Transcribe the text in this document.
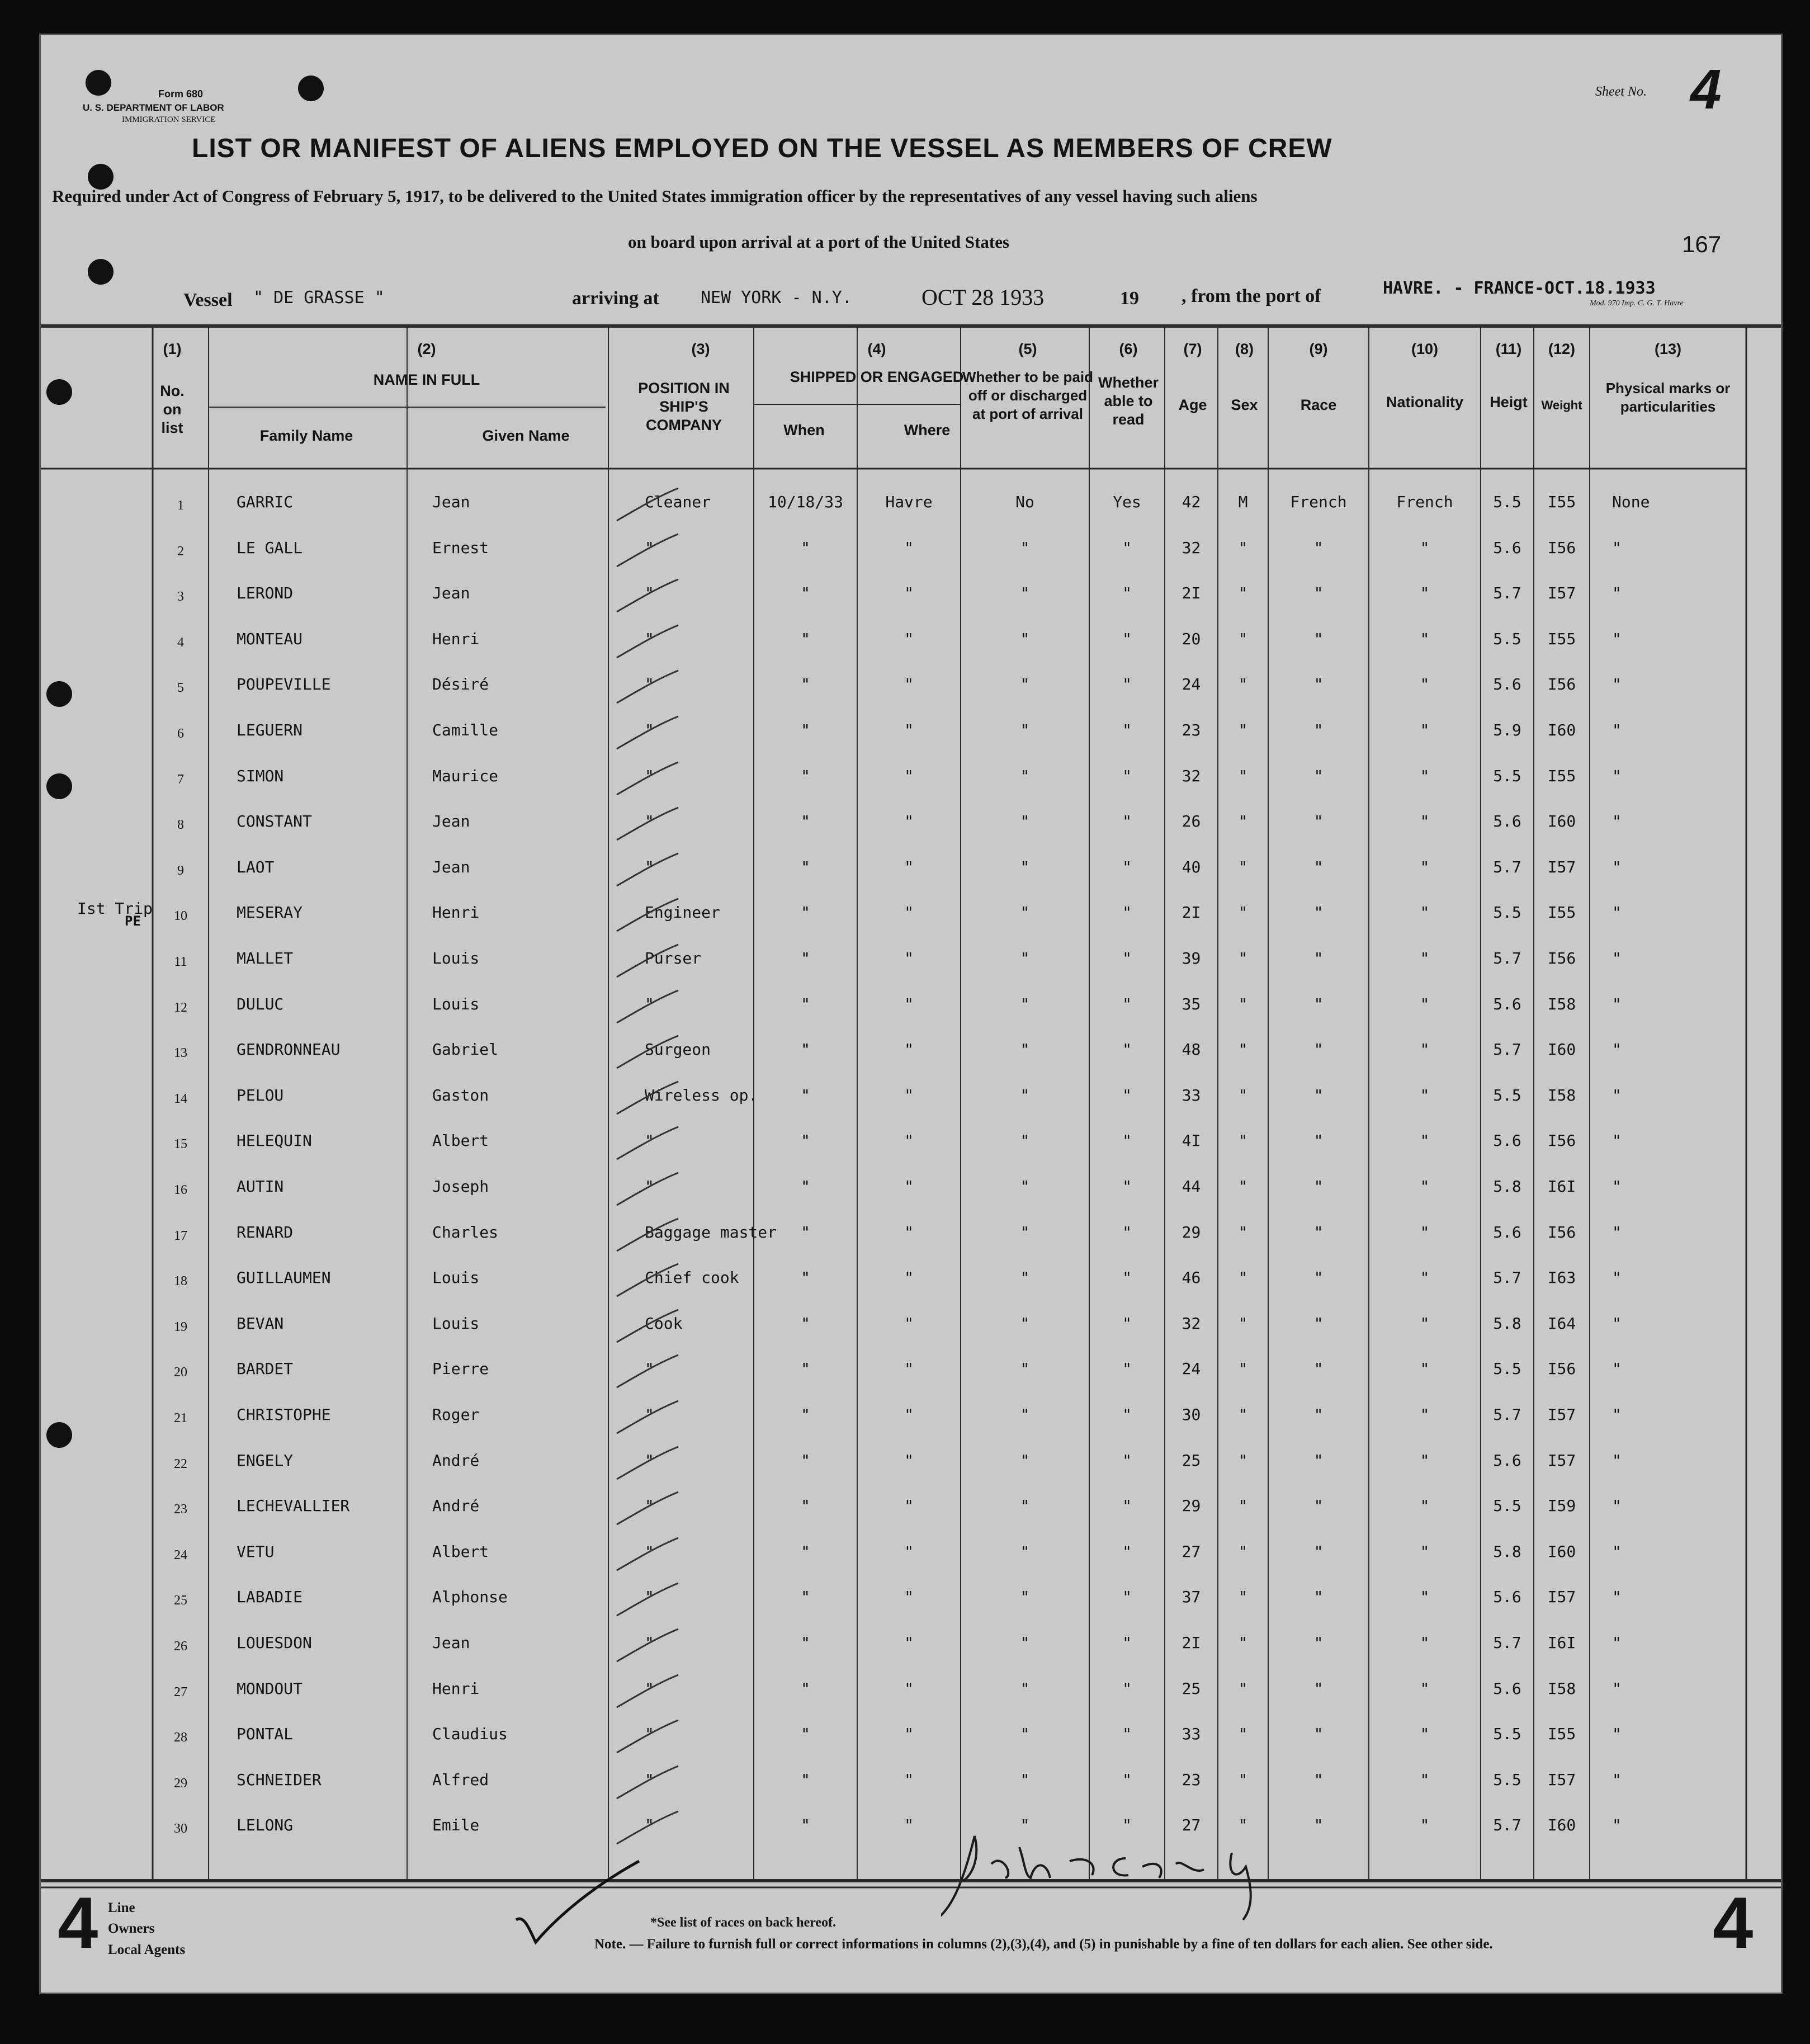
Form 680
U. S. DEPARTMENT OF LABOR
IMMIGRATION SERVICE
Sheet No. 4
LIST OR MANIFEST OF ALIENS EMPLOYED ON THE VESSEL AS MEMBERS OF CREW
Required under Act of Congress of February 5, 1917, to be delivered to the United States immigration officer by the representatives of any vessel having such aliens
on board upon arrival at a port of the United States	167
Vessel " DE GRASSE "	arriving at NEW YORK - N.Y.	OCT 28 1933	19 , from the port of	HAVRE. - FRANCE-OCT.18.1933
Mod. 970 Imp. C. G. T. Havre
(1)
No. on list
(2)
NAME IN FULL
Family Name	Given Name
(3)
POSITION IN SHIP'S COMPANY
(4)
SHIPPED OR ENGAGED
When	Where
(5)
Whether to be paid off or discharged at port of arrival
(6)
Whether able to read
(7)
Age
(8)
Sex
(9)
Race
(10)
Nationality
(11)
Heigt
(12)
Weight
(13)
Physical marks or particularities
Ist Trip
PE
1	GARRIC	Jean	Cleaner	10/18/33	Havre	No	Yes	42	M	French	French	5.5	I55	None
2	LE GALL	Ernest	"	"	"	"	"	32	"	"	"	5.6	I56	"
3	LEROND	Jean	"	"	"	"	"	2I	"	"	"	5.7	I57	"
4	MONTEAU	Henri	"	"	"	"	"	20	"	"	"	5.5	I55	"
5	POUPEVILLE	Désiré	"	"	"	"	"	24	"	"	"	5.6	I56	"
6	LEGUERN	Camille	"	"	"	"	"	23	"	"	"	5.9	I60	"
7	SIMON	Maurice	"	"	"	"	"	32	"	"	"	5.5	I55	"
8	CONSTANT	Jean	"	"	"	"	"	26	"	"	"	5.6	I60	"
9	LAOT	Jean	"	"	"	"	"	40	"	"	"	5.7	I57	"
10	MESERAY	Henri	Engineer	"	"	"	"	2I	"	"	"	5.5	I55	"
11	MALLET	Louis	Purser	"	"	"	"	39	"	"	"	5.7	I56	"
12	DULUC	Louis	"	"	"	"	"	35	"	"	"	5.6	I58	"
13	GENDRONNEAU	Gabriel	Surgeon	"	"	"	"	48	"	"	"	5.7	I60	"
14	PELOU	Gaston	Wireless op.	"	"	"	"	33	"	"	"	5.5	I58	"
15	HELEQUIN	Albert	"	"	"	"	"	4I	"	"	"	5.6	I56	"
16	AUTIN	Joseph	"	"	"	"	"	44	"	"	"	5.8	I6I	"
17	RENARD	Charles	Baggage master	"	"	"	"	29	"	"	"	5.6	I56	"
18	GUILLAUMEN	Louis	Chief cook	"	"	"	"	46	"	"	"	5.7	I63	"
19	BEVAN	Louis	Cook	"	"	"	"	32	"	"	"	5.8	I64	"
20	BARDET	Pierre	"	"	"	"	"	24	"	"	"	5.5	I56	"
21	CHRISTOPHE	Roger	"	"	"	"	"	30	"	"	"	5.7	I57	"
22	ENGELY	André	"	"	"	"	"	25	"	"	"	5.6	I57	"
23	LECHEVALLIER	André	"	"	"	"	"	29	"	"	"	5.5	I59	"
24	VETU	Albert	"	"	"	"	"	27	"	"	"	5.8	I60	"
25	LABADIE	Alphonse	"	"	"	"	"	37	"	"	"	5.6	I57	"
26	LOUESDON	Jean	"	"	"	"	"	2I	"	"	"	5.7	I6I	"
27	MONDOUT	Henri	"	"	"	"	"	25	"	"	"	5.6	I58	"
28	PONTAL	Claudius	"	"	"	"	"	33	"	"	"	5.5	I55	"
29	SCHNEIDER	Alfred	"	"	"	"	"	23	"	"	"	5.5	I57	"
30	LELONG	Emile	"	"	"	"	"	27	"	"	"	5.7	I60	"
4	4
Line
Owners
Local Agents
*See list of races on back hereof.
Note. — Failure to furnish full or correct informations in columns (2),(3),(4), and (5) in punishable by a fine of ten dollars for each alien. See other side.
